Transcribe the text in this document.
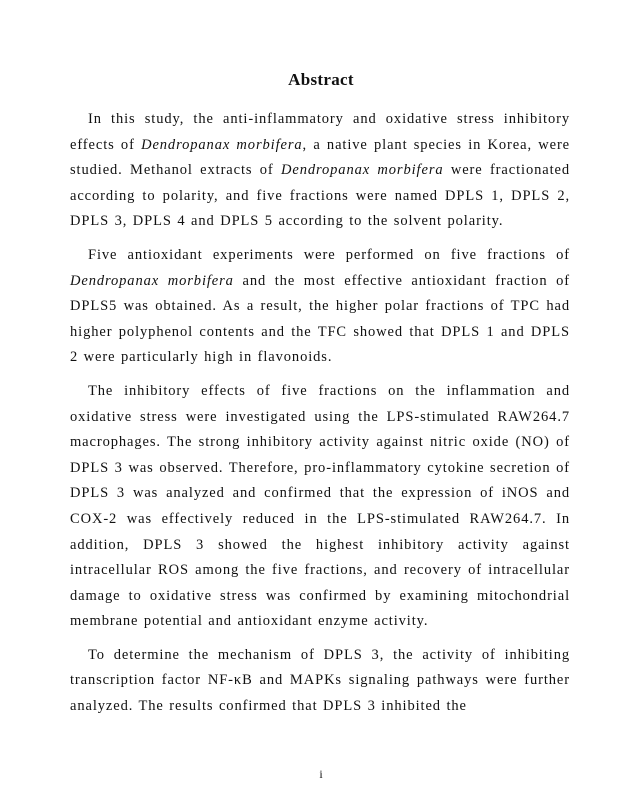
Abstract

In this study, the anti-inflammatory and oxidative stress inhibitory effects of Dendropanax morbifera, a native plant species in Korea, were studied. Methanol extracts of Dendropanax morbifera were fractionated according to polarity, and five fractions were named DPLS 1, DPLS 2, DPLS 3, DPLS 4 and DPLS 5 according to the solvent polarity.

Five antioxidant experiments were performed on five fractions of Dendropanax morbifera and the most effective antioxidant fraction of DPLS5 was obtained. As a result, the higher polar fractions of TPC had higher polyphenol contents and the TFC showed that DPLS 1 and DPLS 2 were particularly high in flavonoids.

The inhibitory effects of five fractions on the inflammation and oxidative stress were investigated using the LPS-stimulated RAW264.7 macrophages. The strong inhibitory activity against nitric oxide (NO) of DPLS 3 was observed. Therefore, pro-inflammatory cytokine secretion of DPLS 3 was analyzed and confirmed that the expression of iNOS and COX-2 was effectively reduced in the LPS-stimulated RAW264.7. In addition, DPLS 3 showed the highest inhibitory activity against intracellular ROS among the five fractions, and recovery of intracellular damage to oxidative stress was confirmed by examining mitochondrial membrane potential and antioxidant enzyme activity.

To determine the mechanism of DPLS 3, the activity of inhibiting transcription factor NF-κB and MAPKs signaling pathways were further analyzed. The results confirmed that DPLS 3 inhibited the

i
